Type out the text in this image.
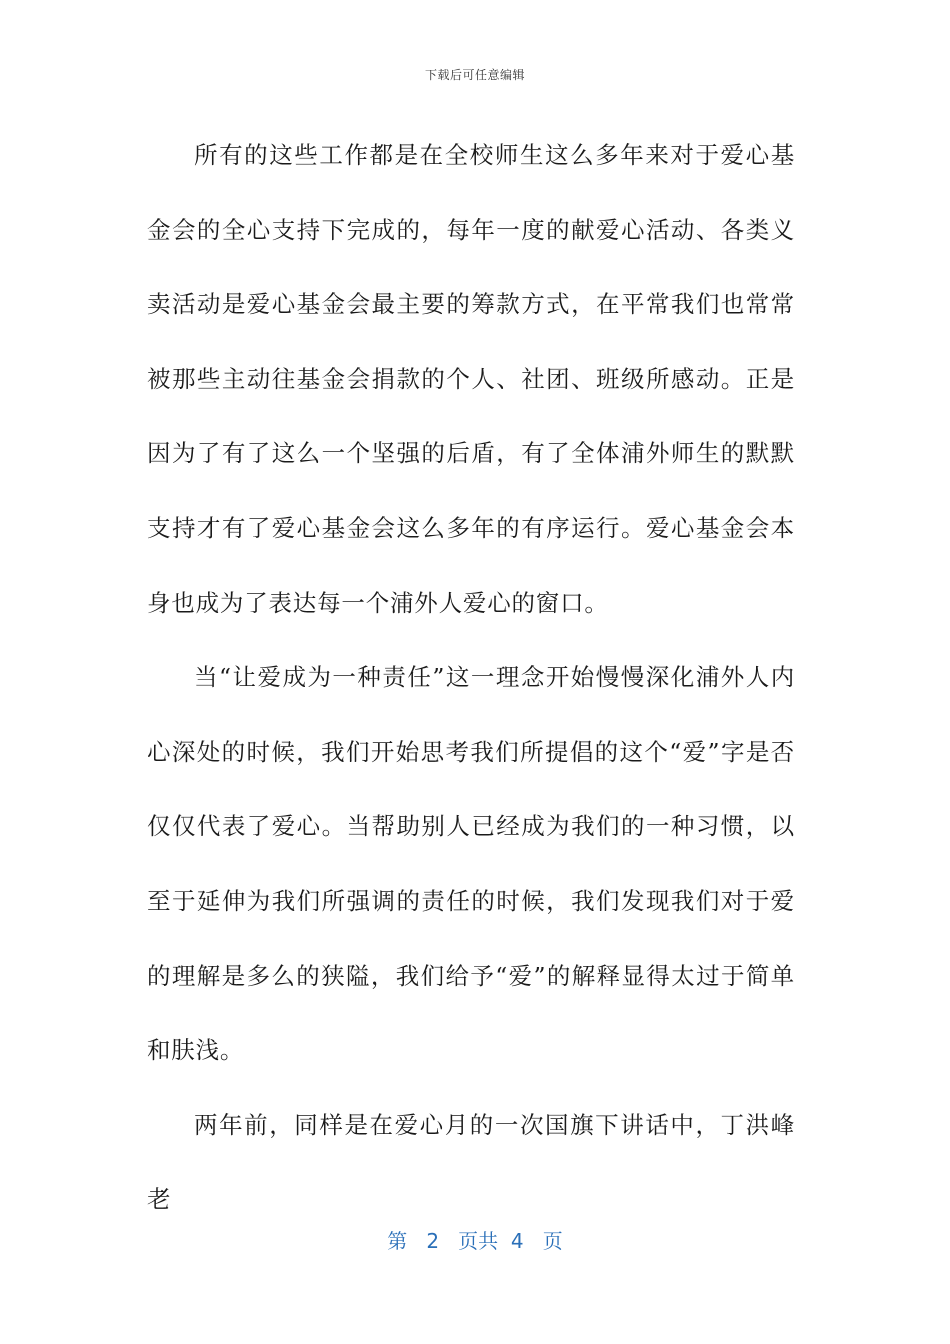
下载后可任意编辑

所有的这些工作都是在全校师生这么多年来对于爱心基金会的全心支持下完成的，每年一度的献爱心活动、各类义卖活动是爱心基金会最主要的筹款方式，在平常我们也常常被那些主动往基金会捐款的个人、社团、班级所感动。正是因为了有了这么一个坚强的后盾，有了全体浦外师生的默默支持才有了爱心基金会这么多年的有序运行。爱心基金会本身也成为了表达每一个浦外人爱心的窗口。

当“让爱成为一种责任”这一理念开始慢慢深化浦外人内心深处的时候，我们开始思考我们所提倡的这个“爱”字是否仅仅代表了爱心。当帮助别人已经成为我们的一种习惯，以至于延伸为我们所强调的责任的时候，我们发现我们对于爱的理解是多么的狭隘，我们给予“爱”的解释显得太过于简单和肤浅。

两年前，同样是在爱心月的一次国旗下讲话中，丁洪峰老

第 2 页共 4 页
